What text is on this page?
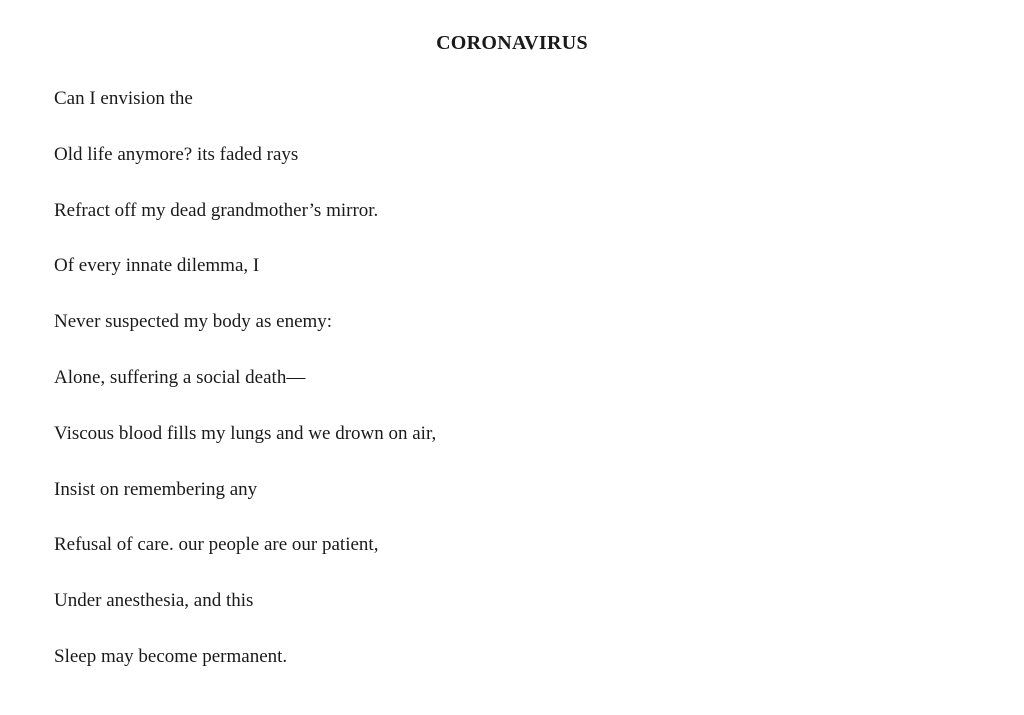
CORONAVIRUS
Can I envision the
Old life anymore? its faded rays
Refract off my dead grandmother’s mirror.
Of every innate dilemma, I
Never suspected my body as enemy:
Alone, suffering a social death—
Viscous blood fills my lungs and we drown on air,
Insist on remembering any
Refusal of care. our people are our patient,
Under anesthesia, and this
Sleep may become permanent.
